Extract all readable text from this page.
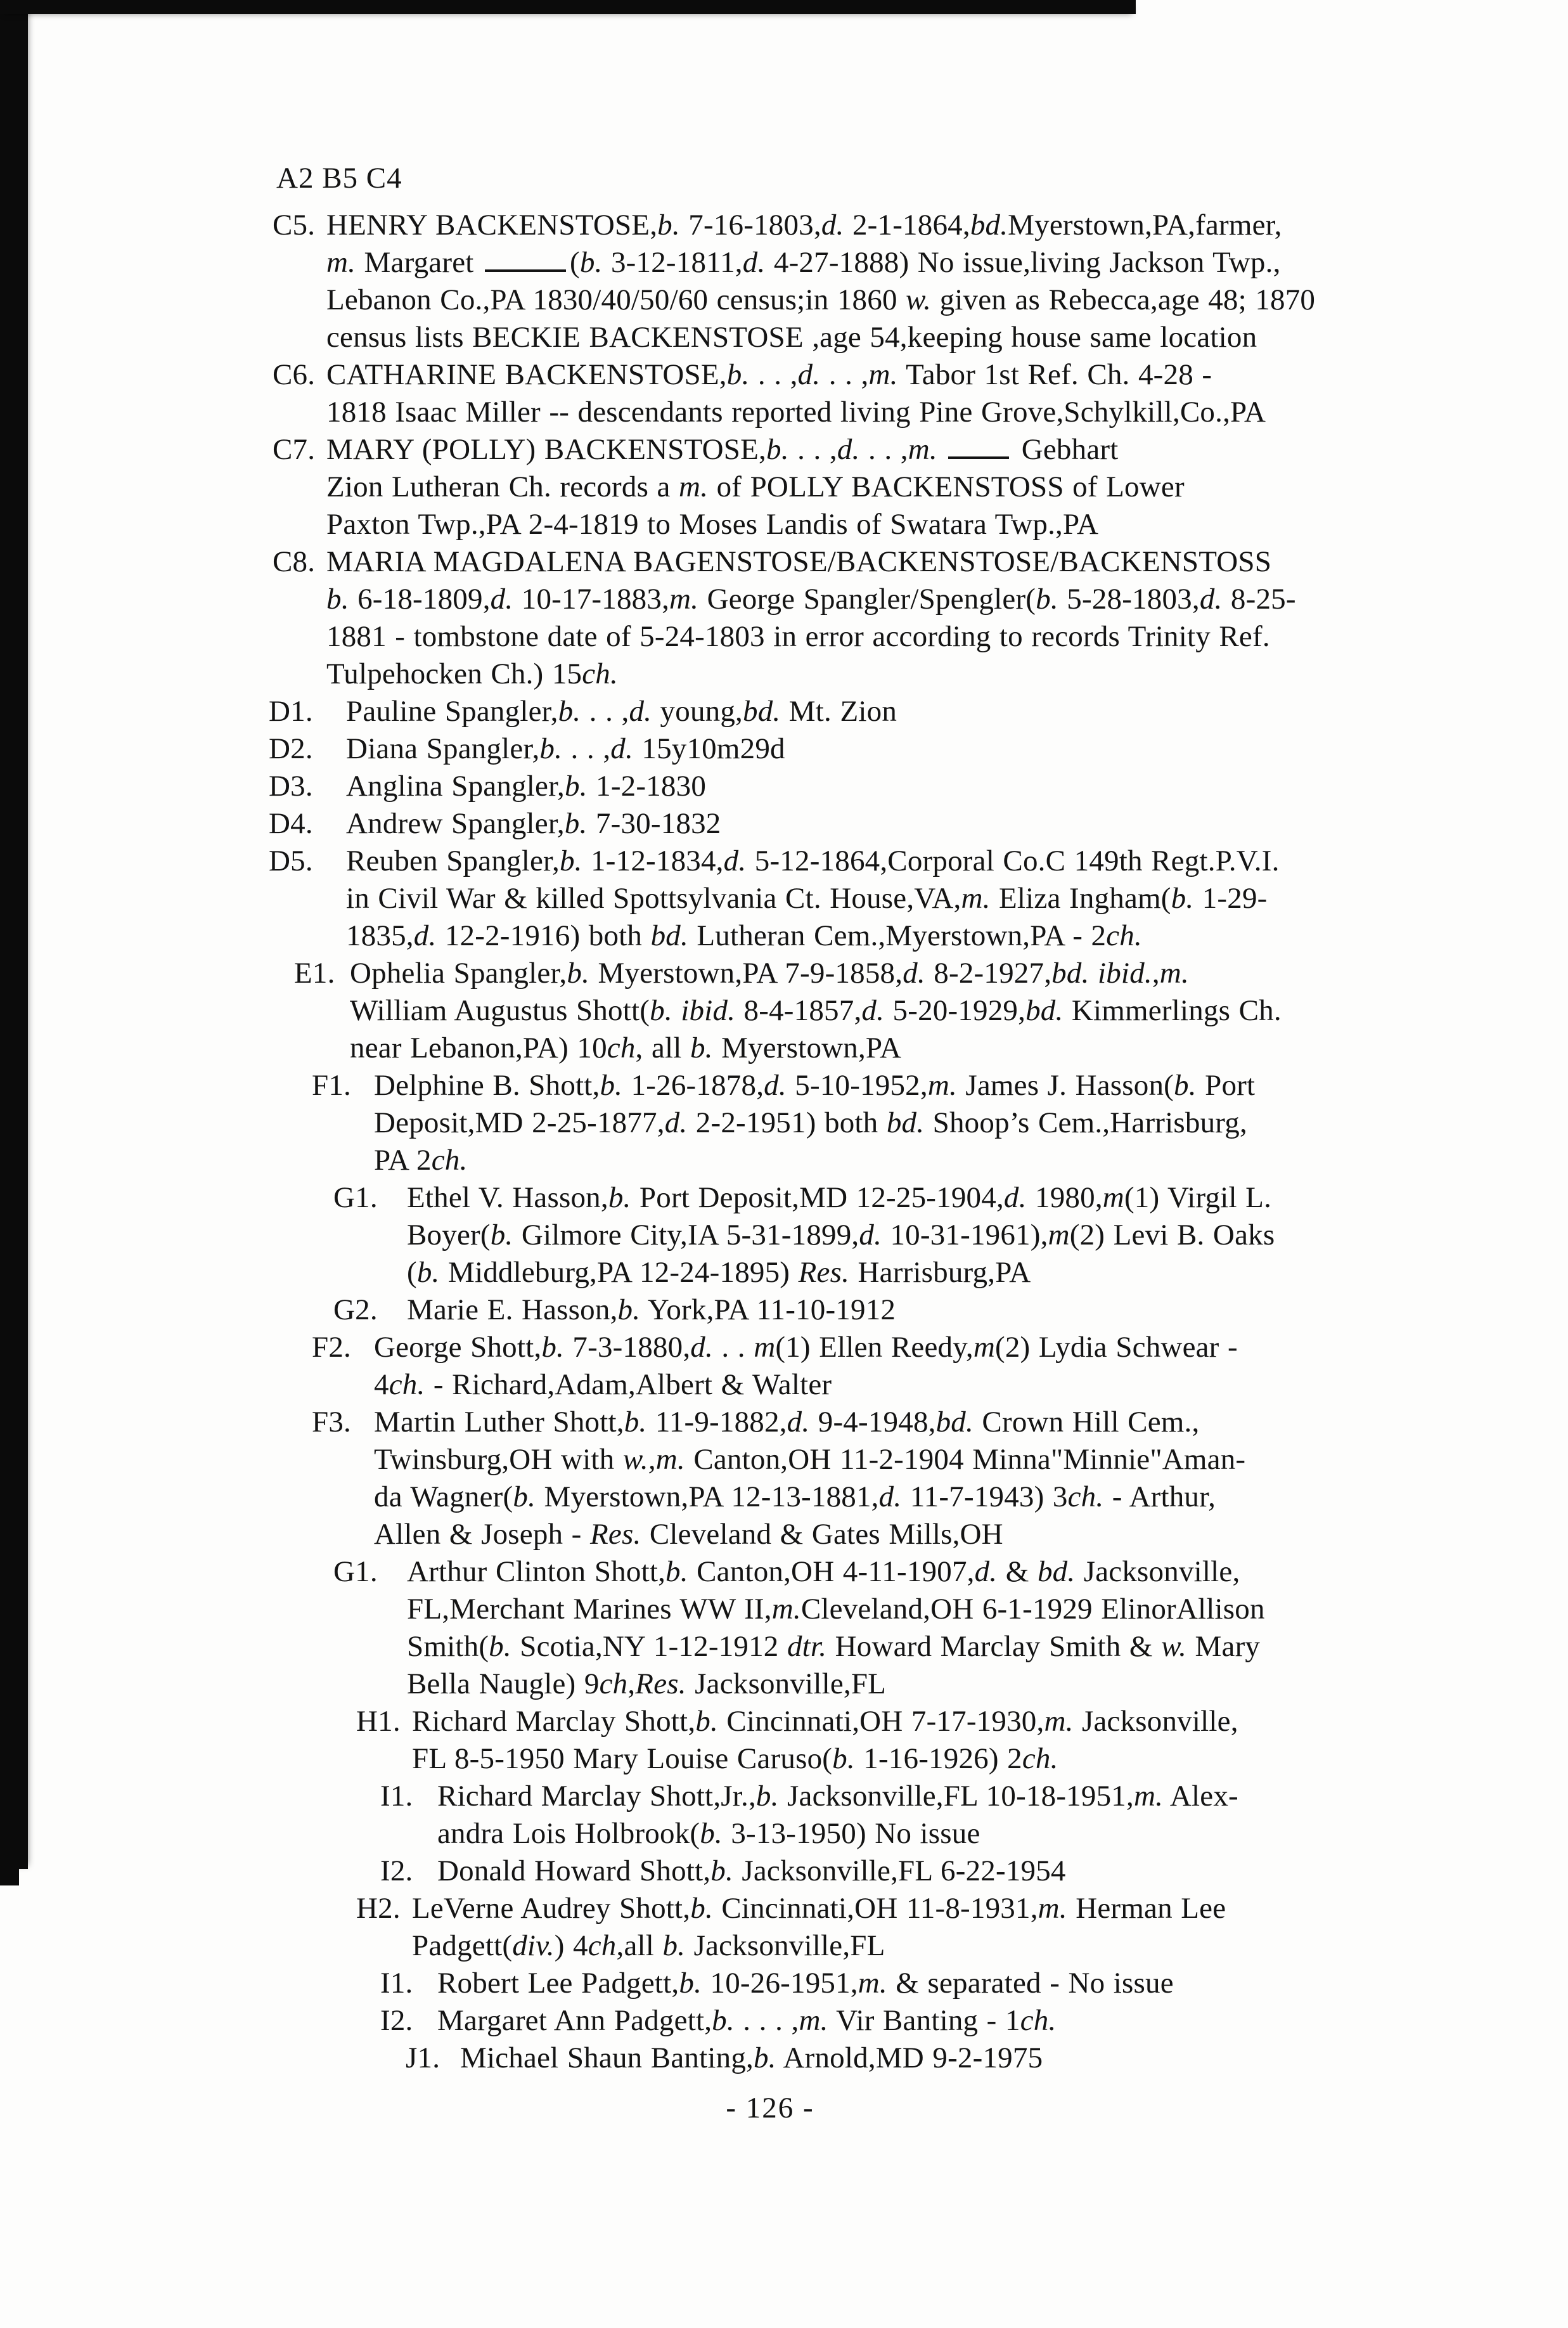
A2 B5 C4
C5. HENRY BACKENSTOSE,b. 7-16-1803,d. 2-1-1864,bd.Myerstown,PA,farmer,
m. Margaret	(b. 3-12-1811,d. 4-27-1888) No issue,living Jackson Twp.,
Lebanon Co.,PA 1830/40/50/60 census;in 1860 w. given as Rebecca,age 48; 1870
census lists BECKIE BACKENSTOSE ,age 54,keeping house same location
C6. CATHARINE BACKENSTOSE,b. . . ,d. . . ,m. Tabor 1st Ref. Ch. 4-28 -
1818 Isaac Miller -- descendants reported living Pine Grove,Schylkill,Co.,PA
C7. MARY (POLLY) BACKENSTOSE,b. . . ,d. . . ,m.	Gebhart
Zion Lutheran Ch. records a m. of POLLY BACKENSTOSS of Lower
Paxton Twp.,PA 2-4-1819 to Moses Landis of Swatara Twp.,PA
C8. MARIA MAGDALENA BAGENSTOSE/BACKENSTOSE/BACKENSTOSS
b. 6-18-1809,d. 10-17-1883,m. George Spangler/Spengler(b. 5-28-1803,d. 8-25-
1881 - tombstone date of 5-24-1803 in error according to records Trinity Ref.
Tulpehocken Ch.) 15ch.
D1. Pauline Spangler,b. . . ,d. young,bd. Mt. Zion
D2. Diana Spangler,b. . . ,d. 15y10m29d
D3. Anglina Spangler,b. 1-2-1830
D4. Andrew Spangler,b. 7-30-1832
D5. Reuben Spangler,b. 1-12-1834,d. 5-12-1864,Corporal Co.C 149th Regt.P.V.I.
in Civil War & killed Spottsylvania Ct. House,VA,m. Eliza Ingham(b. 1-29-
1835,d. 12-2-1916) both bd. Lutheran Cem.,Myerstown,PA - 2ch.
E1. Ophelia Spangler,b. Myerstown,PA 7-9-1858,d. 8-2-1927,bd. ibid.,m.
William Augustus Shott(b. ibid. 8-4-1857,d. 5-20-1929,bd. Kimmerlings Ch.
near Lebanon,PA) 10ch, all b. Myerstown,PA
F1. Delphine B. Shott,b. 1-26-1878,d. 5-10-1952,m. James J. Hasson(b. Port
Deposit,MD 2-25-1877,d. 2-2-1951) both bd. Shoop’s Cem.,Harrisburg,
PA 2ch.
G1. Ethel V. Hasson,b. Port Deposit,MD 12-25-1904,d. 1980,m(1) Virgil L.
Boyer(b. Gilmore City,IA 5-31-1899,d. 10-31-1961),m(2) Levi B. Oaks
(b. Middleburg,PA 12-24-1895) Res. Harrisburg,PA
G2. Marie E. Hasson,b. York,PA 11-10-1912
F2. George Shott,b. 7-3-1880,d. . . m(1) Ellen Reedy,m(2) Lydia Schwear -
4ch. - Richard,Adam,Albert & Walter
F3. Martin Luther Shott,b. 11-9-1882,d. 9-4-1948,bd. Crown Hill Cem.,
Twinsburg,OH with w.,m. Canton,OH 11-2-1904 Minna"Minnie"Aman-
da Wagner(b. Myerstown,PA 12-13-1881,d. 11-7-1943) 3ch. - Arthur,
Allen & Joseph - Res. Cleveland & Gates Mills,OH
G1. Arthur Clinton Shott,b. Canton,OH 4-11-1907,d. & bd. Jacksonville,
FL,Merchant Marines WW II,m.Cleveland,OH 6-1-1929 ElinorAllison
Smith(b. Scotia,NY 1-12-1912 dtr. Howard Marclay Smith & w. Mary
Bella Naugle) 9ch,Res. Jacksonville,FL
H1. Richard Marclay Shott,b. Cincinnati,OH 7-17-1930,m. Jacksonville,
FL 8-5-1950 Mary Louise Caruso(b. 1-16-1926) 2ch.
I1. Richard Marclay Shott,Jr.,b. Jacksonville,FL 10-18-1951,m. Alex-
andra Lois Holbrook(b. 3-13-1950) No issue
I2. Donald Howard Shott,b. Jacksonville,FL 6-22-1954
H2. LeVerne Audrey Shott,b. Cincinnati,OH 11-8-1931,m. Herman Lee
Padgett(div.) 4ch,all b. Jacksonville,FL
I1. Robert Lee Padgett,b. 10-26-1951,m. & separated - No issue
I2. Margaret Ann Padgett,b. . . . ,m. Vir Banting - 1ch.
J1. Michael Shaun Banting,b. Arnold,MD 9-2-1975
- 126 -
